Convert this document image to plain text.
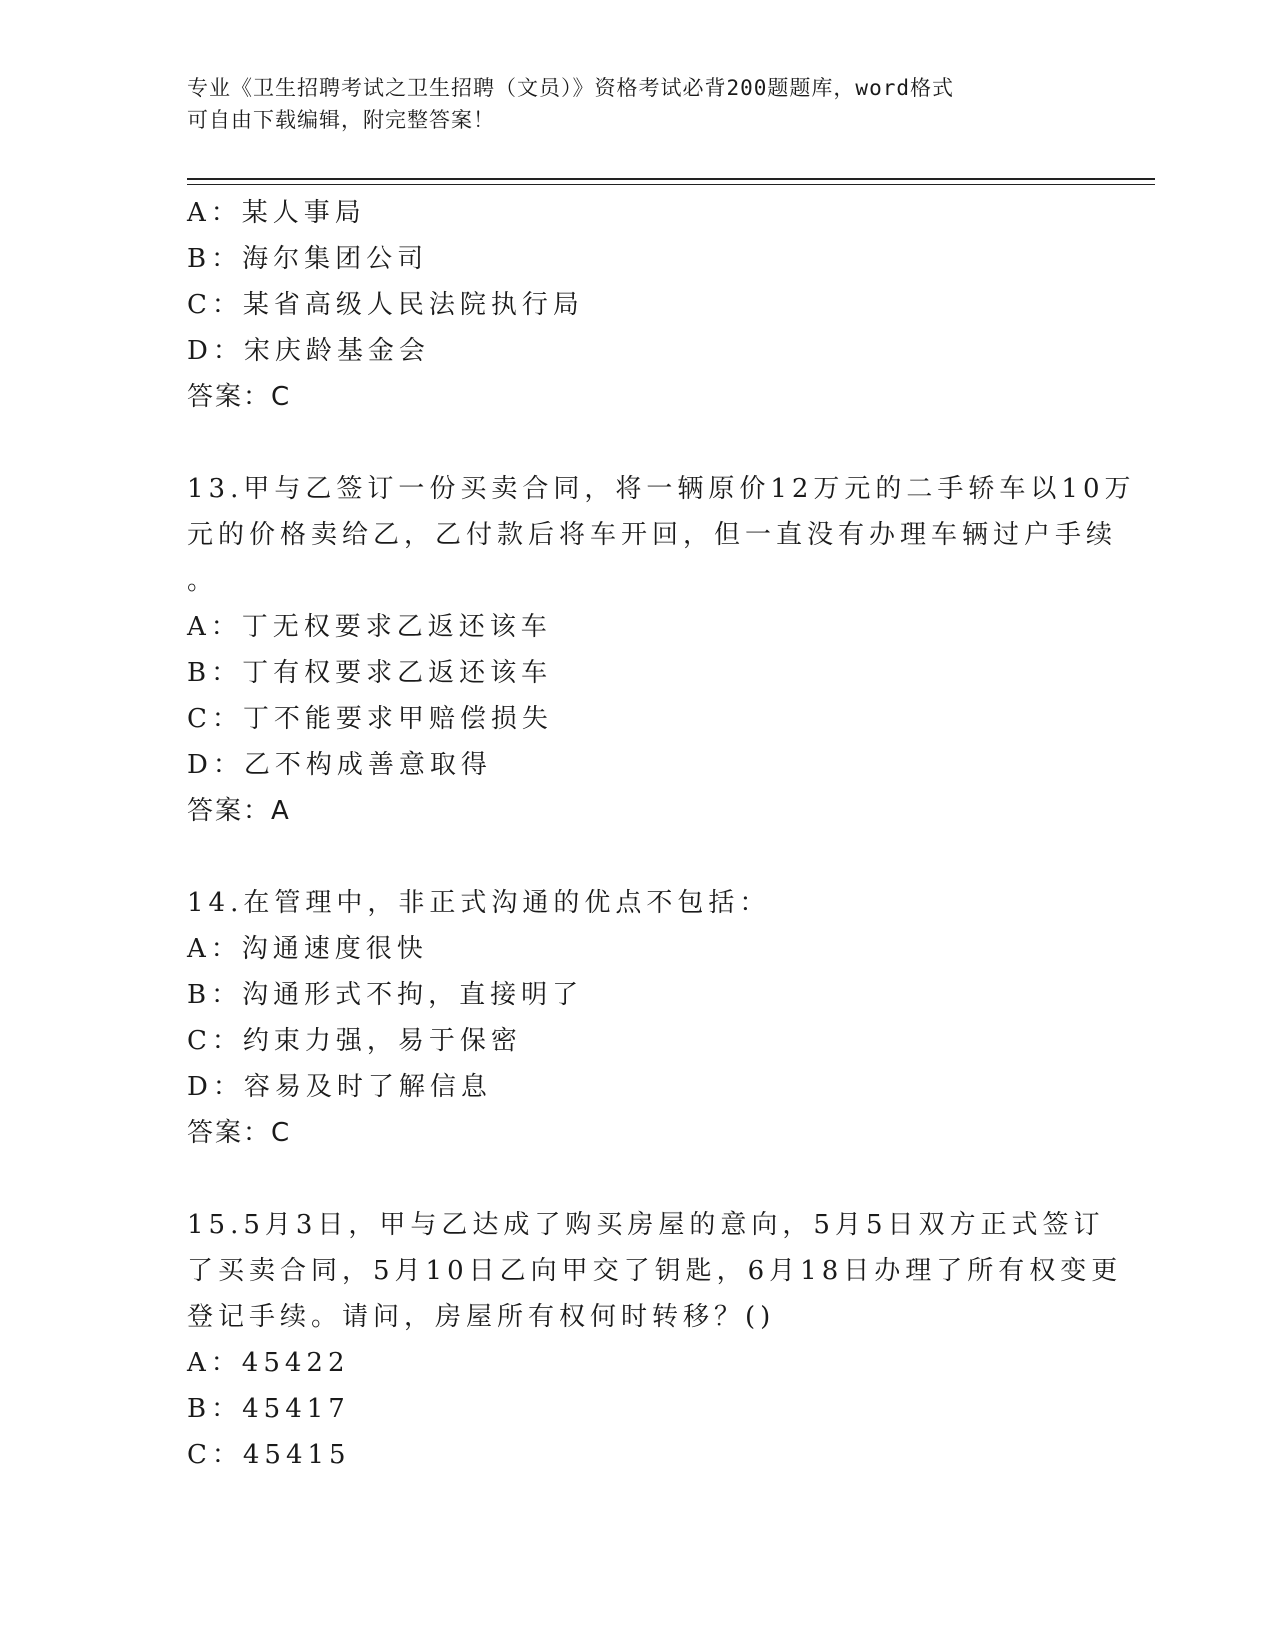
专业《卫生招聘考试之卫生招聘（文员）》资格考试必背200题题库，word格式
可自由下载编辑，附完整答案！
A：某人事局
B：海尔集团公司
C：某省高级人民法院执行局
D：宋庆龄基金会
答案：C
13.甲与乙签订一份买卖合同，将一辆原价12万元的二手轿车以10万
元的价格卖给乙，乙付款后将车开回，但一直没有办理车辆过户手续
。
A：丁无权要求乙返还该车
B：丁有权要求乙返还该车
C：丁不能要求甲赔偿损失
D：乙不构成善意取得
答案：A
14.在管理中，非正式沟通的优点不包括：
A：沟通速度很快
B：沟通形式不拘，直接明了
C：约束力强，易于保密
D：容易及时了解信息
答案：C
15.5月3日，甲与乙达成了购买房屋的意向，5月5日双方正式签订
了买卖合同，5月10日乙向甲交了钥匙，6月18日办理了所有权变更
登记手续。请问，房屋所有权何时转移？()
A：45422
B：45417
C：45415
